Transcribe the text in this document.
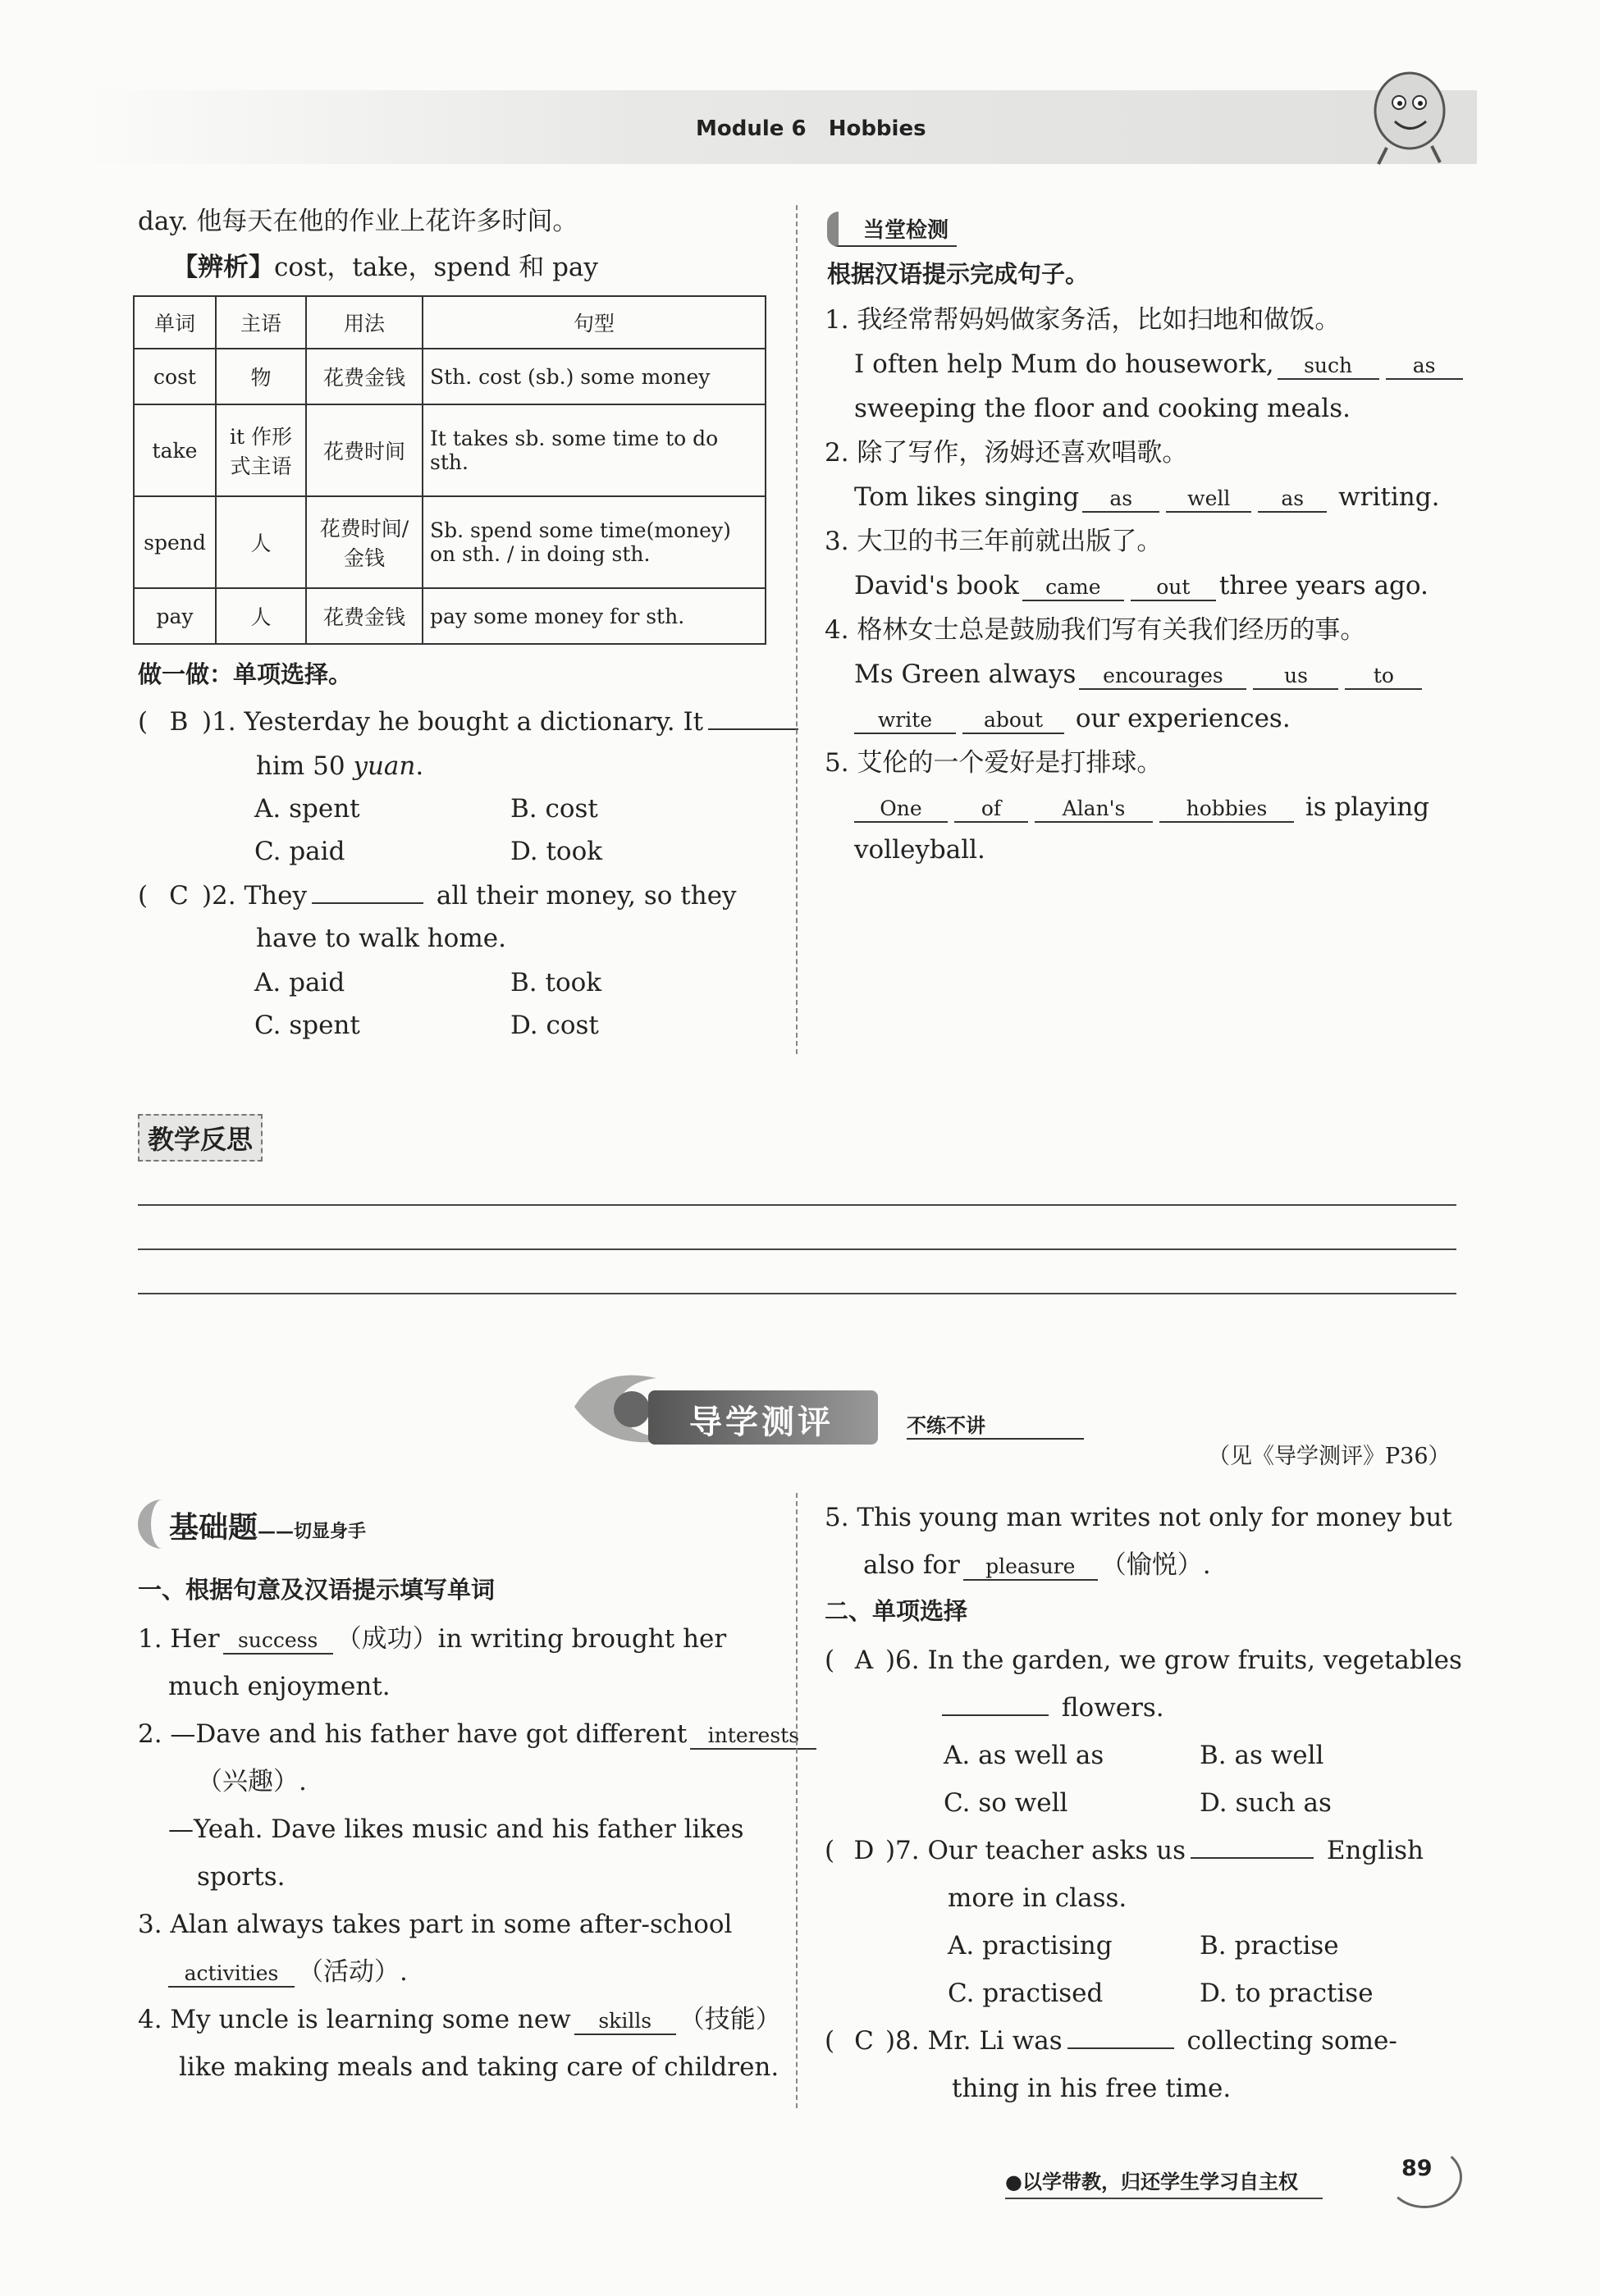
Module 6 Hobbies
day. 他每天在他的作业上花许多时间。
【辨析】cost，take，spend 和 pay
单词	主语	用法	句型
cost	物	花费金钱	Sth. cost (sb.) some money
take	it 作形式主语	花费时间	It takes sb. some time to do sth.
spend	人	花费时间/金钱	Sb. spend some time(money) on sth. / in doing sth.
pay	人	花费金钱	pay some money for sth.
做一做：单项选择。
( B )1. Yesterday he bought a dictionary. It
him 50 yuan.
A. spent	B. cost
C. paid	D. took
( C )2. They	all their money, so they
have to walk home.
A. paid	B. took
C. spent	D. cost
当堂检测
根据汉语提示完成句子。
1. 我经常帮妈妈做家务活，比如扫地和做饭。
I often help Mum do housework, such	as
sweeping the floor and cooking meals.
2. 除了写作，汤姆还喜欢唱歌。
Tom likes singing as	well as writing.
3. 大卫的书三年前就出版了。
David's book came	out three years ago.
4. 格林女士总是鼓励我们写有关我们经历的事。
Ms Green always encourages	us	to
write	about our experiences.
5. 艾伦的一个爱好是打排球。
One	of	Alan's	hobbies is playing
volleyball.
教学反思
导学测评	不练不讲
（见《导学测评》P36）
基础题——切显身手
一、根据句意及汉语提示填写单词
1. Her success （成功）in writing brought her
much enjoyment.
2. —Dave and his father have got different interests
（兴趣）.
—Yeah. Dave likes music and his father likes
sports.
3. Alan always takes part in some after-school
activities （活动）.
4. My uncle is learning some new skills （技能）
like making meals and taking care of children.
5. This young man writes not only for money but
also for pleasure （愉悦）.
二、单项选择
( A )6. In the garden, we grow fruits, vegetables
flowers.
A. as well as	B. as well
C. so well	D. such as
( D )7. Our teacher asks us	English
more in class.
A. practising	B. practise
C. practised	D. to practise
( C )8. Mr. Li was	collecting some-
thing in his free time.
●以学带教，归还学生学习自主权
89
